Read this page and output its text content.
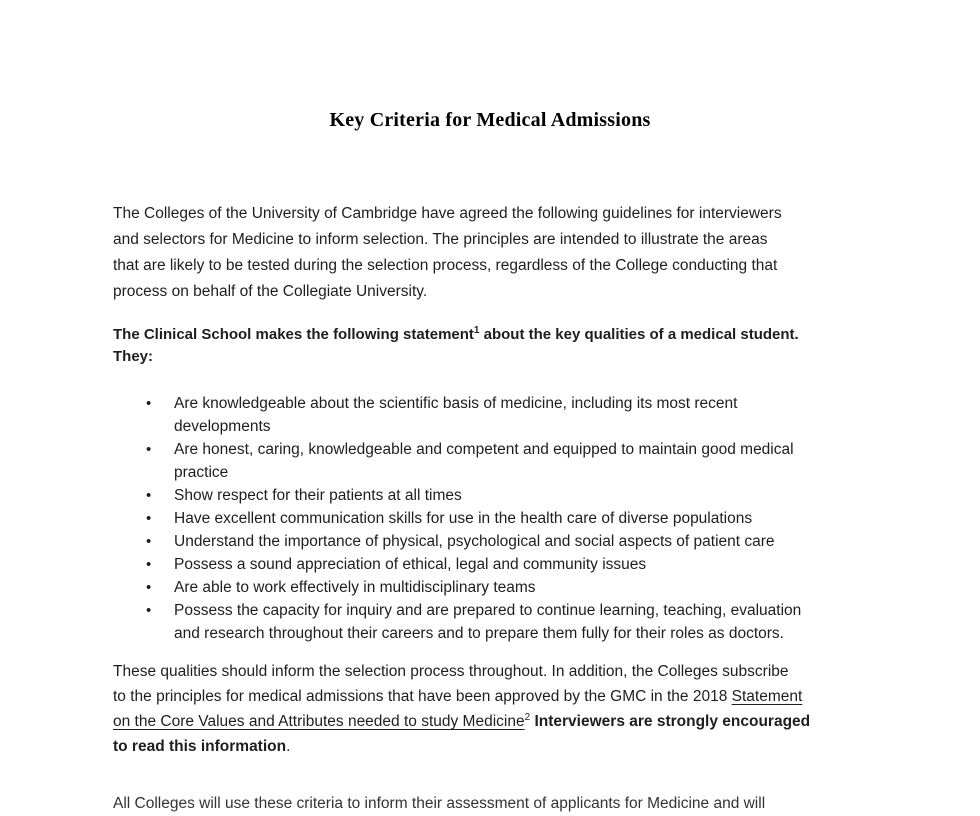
Key Criteria for Medical Admissions
The Colleges of the University of Cambridge have agreed the following guidelines for interviewers
and selectors for Medicine to inform selection. The principles are intended to illustrate the areas
that are likely to be tested during the selection process, regardless of the College conducting that
process on behalf of the Collegiate University.
The Clinical School makes the following statement$^1$ about the key qualities of a medical student.
They:
• Are knowledgeable about the scientific basis of medicine, including its most recent
developments
• Are honest, caring, knowledgeable and competent and equipped to maintain good medical
practice
• Show respect for their patients at all times
• Have excellent communication skills for use in the health care of diverse populations
• Understand the importance of physical, psychological and social aspects of patient care
• Possess a sound appreciation of ethical, legal and community issues
• Are able to work effectively in multidisciplinary teams
• Possess the capacity for inquiry and are prepared to continue learning, teaching, evaluation
and research throughout their careers and to prepare them fully for their roles as doctors.
These qualities should inform the selection process throughout. In addition, the Colleges subscribe
to the principles for medical admissions that have been approved by the GMC in the 2018 Statement
on the Core Values and Attributes needed to study Medicine$^2$ Interviewers are strongly encouraged
to read this information.
All Colleges will use these criteria to inform their assessment of applicants for Medicine and will
